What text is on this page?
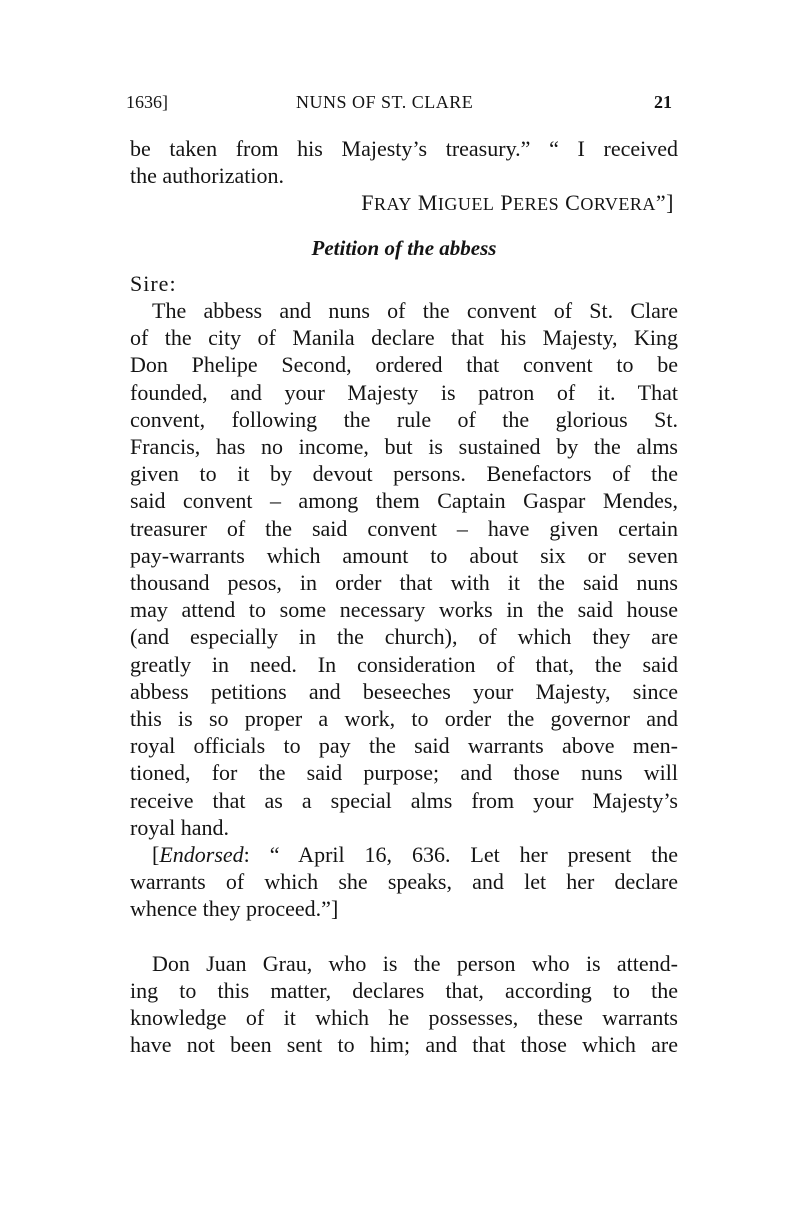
1636]	NUNS OF ST. CLARE	21

be taken from his Majesty’s treasury.” “ I received

the authorization.

FRAY MIGUEL PERES CORVERA”]

Petition of the abbess

Sire:

The abbess and nuns of the convent of St. Clare

of the city of Manila declare that his Majesty, King

Don Phelipe Second, ordered that convent to be

founded, and your Majesty is patron of it. That

convent, following the rule of the glorious St.

Francis, has no income, but is sustained by the alms

given to it by devout persons. Benefactors of the

said convent – among them Captain Gaspar Mendes,

treasurer of the said convent – have given certain

pay-warrants which amount to about six or seven

thousand pesos, in order that with it the said nuns

may attend to some necessary works in the said house

(and especially in the church), of which they are

greatly in need. In consideration of that, the said

abbess petitions and beseeches your Majesty, since

this is so proper a work, to order the governor and

royal officials to pay the said warrants above men-

tioned, for the said purpose; and those nuns will

receive that as a special alms from your Majesty’s

royal hand.

[Endorsed: “ April 16, 636. Let her present the

warrants of which she speaks, and let her declare

whence they proceed.”]

Don Juan Grau, who is the person who is attend-

ing to this matter, declares that, according to the

knowledge of it which he possesses, these warrants

have not been sent to him; and that those which are
